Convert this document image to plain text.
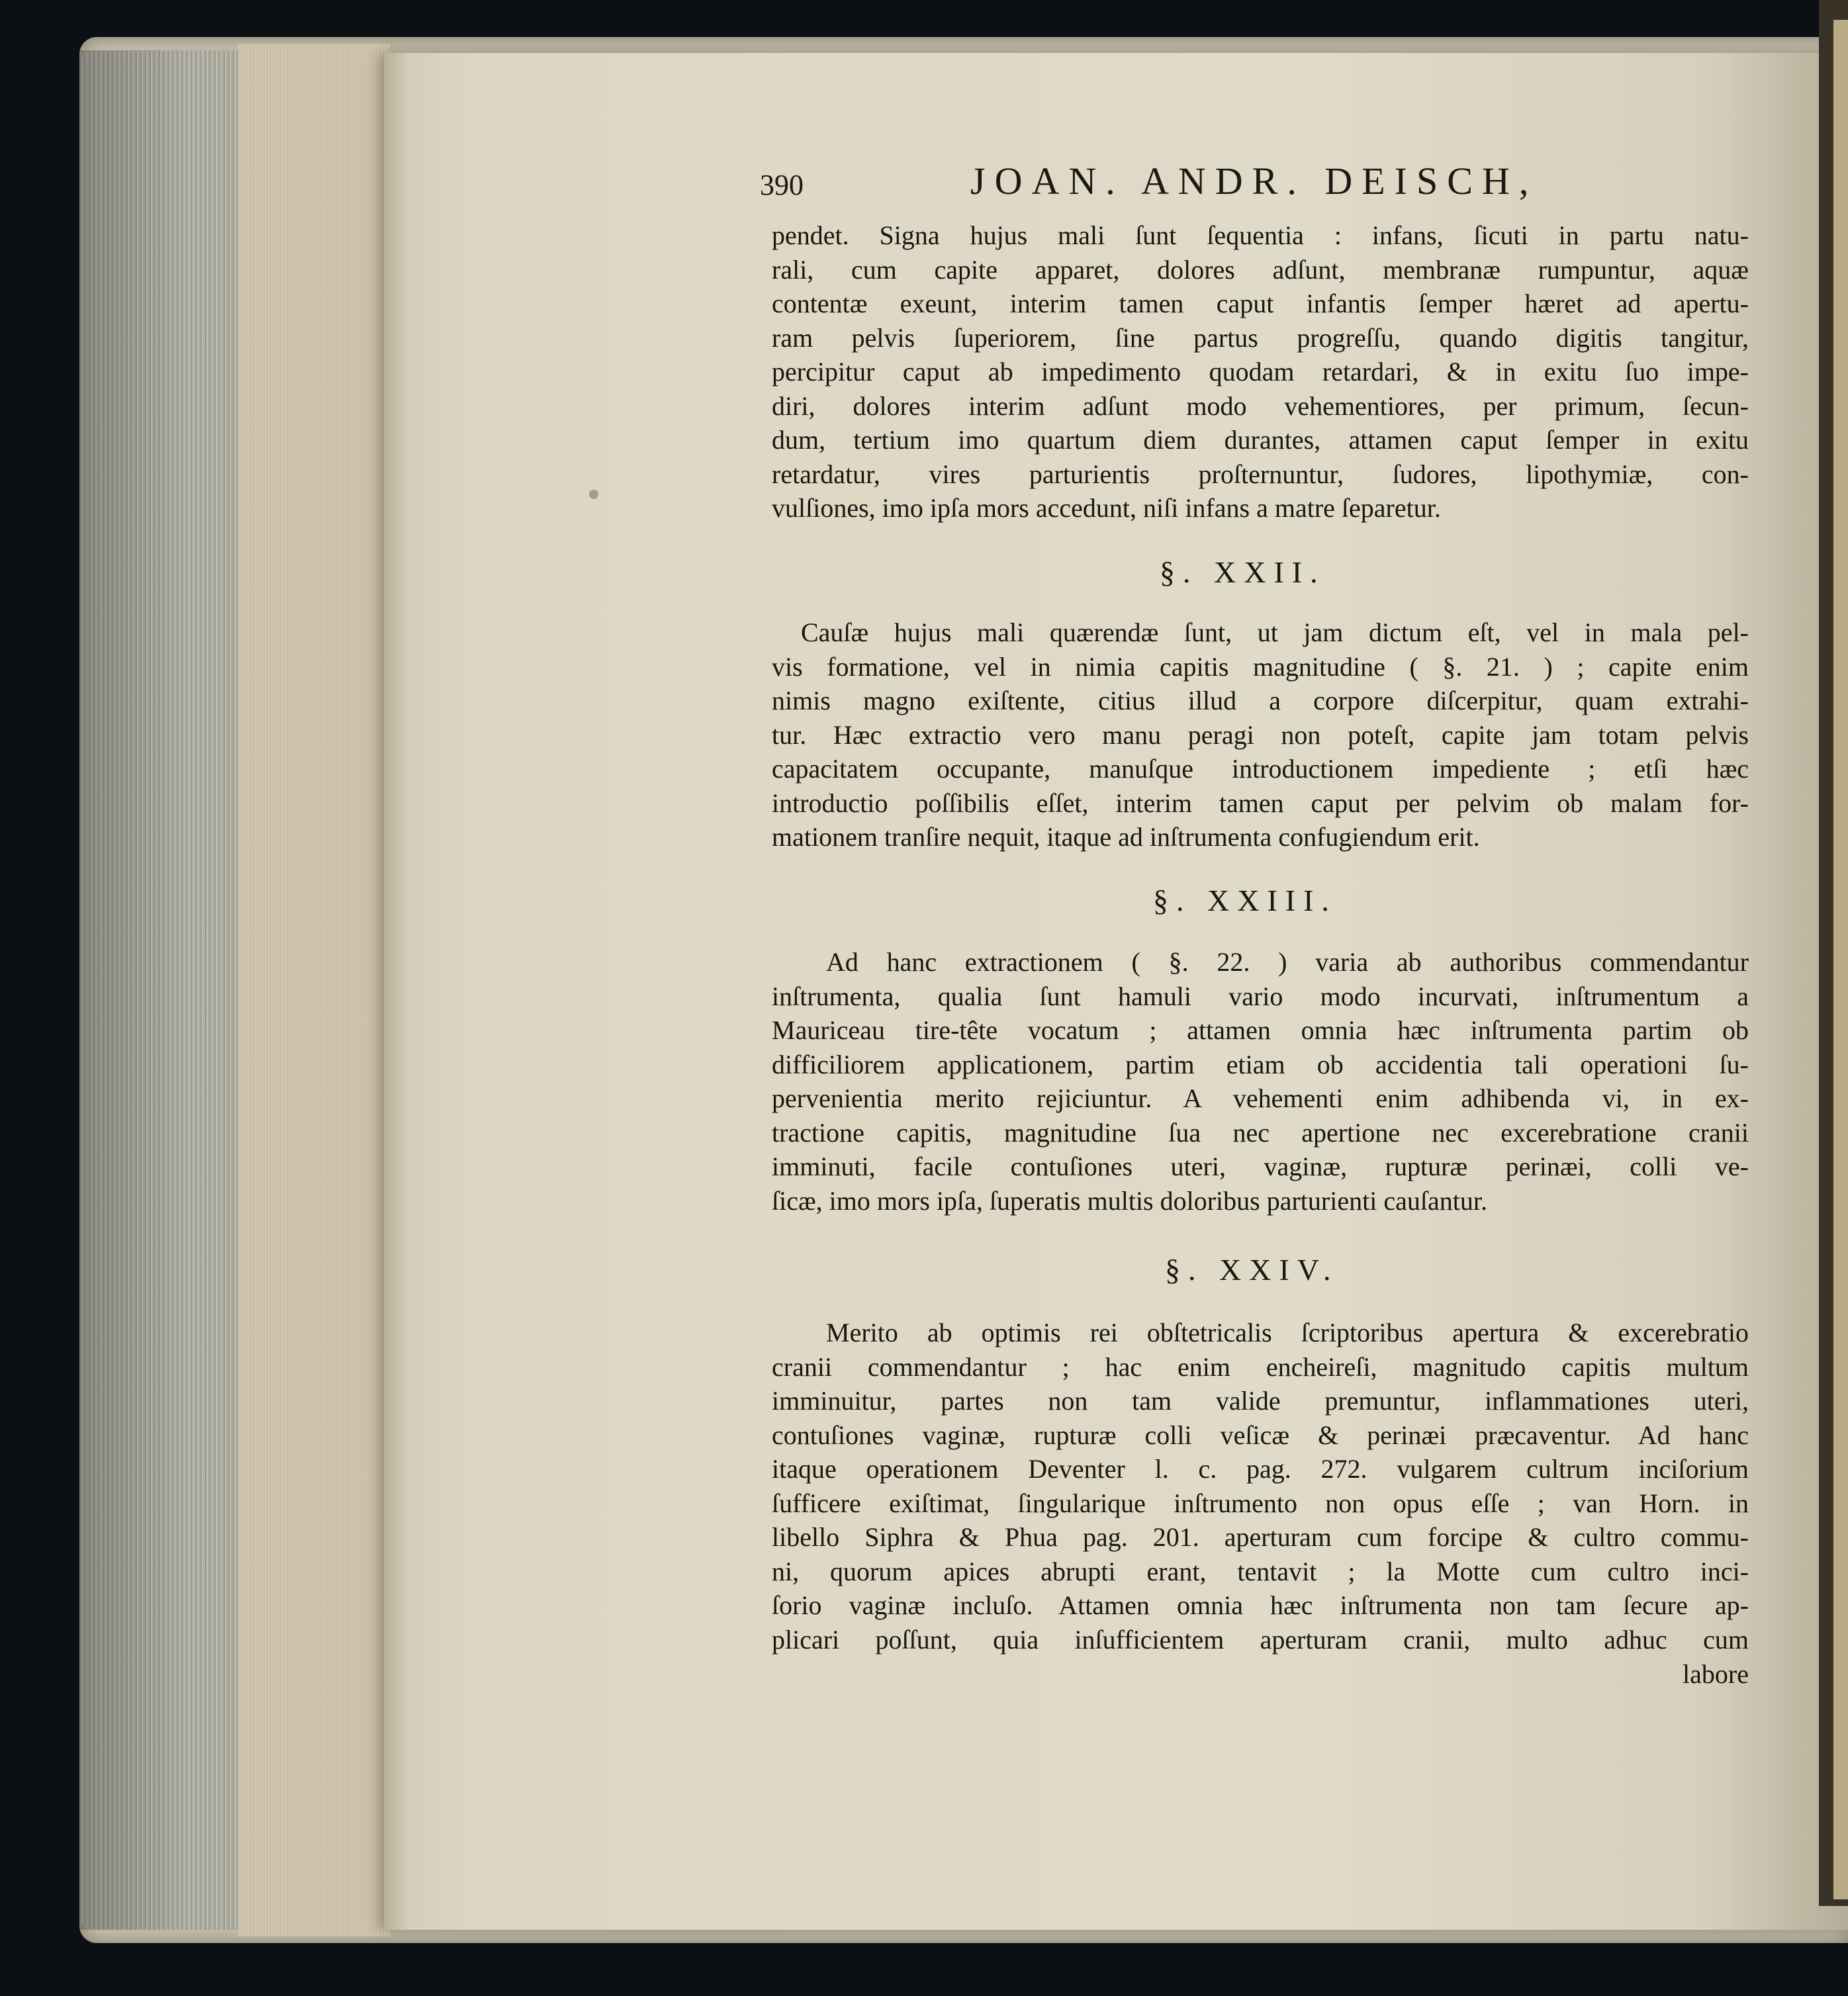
390	JOAN. ANDR. DEISCH,
pendet. Signa hujus mali ſunt ſequentia : infans, ſicuti in partu natu-
rali, cum capite apparet, dolores adſunt, membranæ rumpuntur, aquæ
contentæ exeunt, interim tamen caput infantis ſemper hæret ad apertu-
ram pelvis ſuperiorem, ſine partus progreſſu, quando digitis tangitur,
percipitur caput ab impedimento quodam retardari, & in exitu ſuo impe-
diri, dolores interim adſunt modo vehementiores, per primum, ſecun-
dum, tertium imo quartum diem durantes, attamen caput ſemper in exitu
retardatur, vires parturientis proſternuntur, ſudores, lipothymiæ, con-
vulſiones, imo ipſa mors accedunt, niſi infans a matre ſeparetur.
§. XXII.
Cauſæ hujus mali quærendæ ſunt, ut jam dictum eſt, vel in mala pel-
vis formatione, vel in nimia capitis magnitudine ( §. 21. ) ; capite enim
nimis magno exiſtente, citius illud a corpore diſcerpitur, quam extrahi-
tur. Hæc extractio vero manu peragi non poteſt, capite jam totam pelvis
capacitatem occupante, manuſque introductionem impediente ; etſi hæc
introductio poſſibilis eſſet, interim tamen caput per pelvim ob malam for-
mationem tranſire nequit, itaque ad inſtrumenta confugiendum erit.
§. XXIII.
Ad hanc extractionem ( §. 22. ) varia ab authoribus commendantur
inſtrumenta, qualia ſunt hamuli vario modo incurvati, inſtrumentum a
Mauriceau tire-tête vocatum ; attamen omnia hæc inſtrumenta partim ob
difficiliorem applicationem, partim etiam ob accidentia tali operationi ſu-
pervenientia merito rejiciuntur. A vehementi enim adhibenda vi, in ex-
tractione capitis, magnitudine ſua nec apertione nec excerebratione cranii
imminuti, facile contuſiones uteri, vaginæ, rupturæ perinæi, colli ve-
ſicæ, imo mors ipſa, ſuperatis multis doloribus parturienti cauſantur.
§. XXIV.
Merito ab optimis rei obſtetricalis ſcriptoribus apertura & excerebratio
cranii commendantur ; hac enim encheireſi, magnitudo capitis multum
imminuitur, partes non tam valide premuntur, inflammationes uteri,
contuſiones vaginæ, rupturæ colli veſicæ & perinæi præcaventur. Ad hanc
itaque operationem Deventer l. c. pag. 272. vulgarem cultrum inciſorium
ſufficere exiſtimat, ſingularique inſtrumento non opus eſſe ; van Horn. in
libello Siphra & Phua pag. 201. aperturam cum forcipe & cultro commu-
ni, quorum apices abrupti erant, tentavit ; la Motte cum cultro inci-
ſorio vaginæ incluſo. Attamen omnia hæc inſtrumenta non tam ſecure ap-
plicari poſſunt, quia inſufficientem aperturam cranii, multo adhuc cum
labore
